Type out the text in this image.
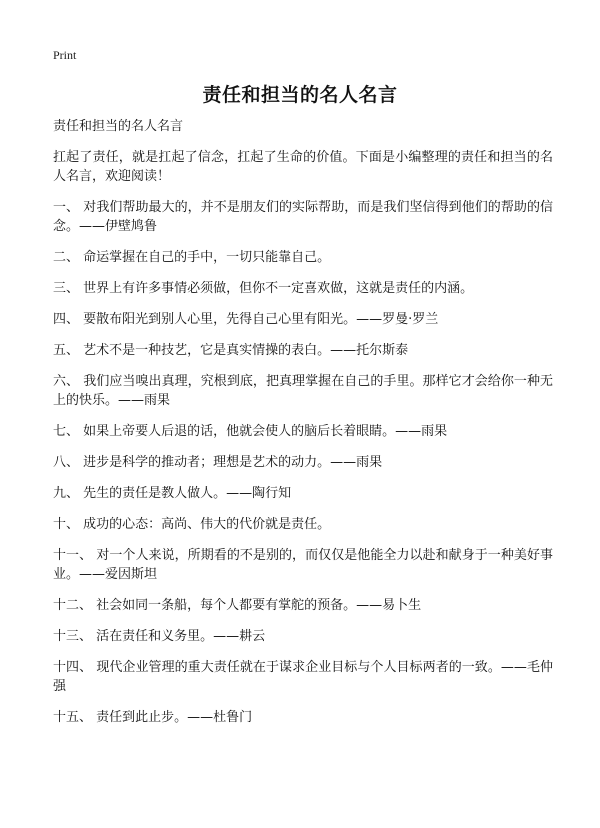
Print
责任和担当的名人名言

责任和担当的名人名言

扛起了责任，就是扛起了信念，扛起了生命的价值。下面是小编整理的责任和担当的名人名言，欢迎阅读！

一、 对我们帮助最大的，并不是朋友们的实际帮助，而是我们坚信得到他们的帮助的信念。——伊壁鸠鲁

二、 命运掌握在自己的手中，一切只能靠自己。

三、 世界上有许多事情必须做，但你不一定喜欢做，这就是责任的内涵。

四、 要散布阳光到别人心里，先得自己心里有阳光。——罗曼·罗兰

五、 艺术不是一种技艺，它是真实情操的表白。——托尔斯泰

六、 我们应当嗅出真理，究根到底，把真理掌握在自己的手里。那样它才会给你一种无上的快乐。——雨果

七、 如果上帝要人后退的话，他就会使人的脑后长着眼睛。——雨果

八、 进步是科学的推动者；理想是艺术的动力。——雨果

九、 先生的责任是教人做人。——陶行知

十、 成功的心态：高尚、伟大的代价就是责任。

十一、 对一个人来说，所期看的不是别的，而仅仅是他能全力以赴和献身于一种美好事业。——爱因斯坦

十二、 社会如同一条船，每个人都要有掌舵的预备。——易卜生

十三、 活在责任和义务里。——耕云

十四、 现代企业管理的重大责任就在于谋求企业目标与个人目标两者的一致。——毛仲强

十五、 责任到此止步。——杜鲁门
